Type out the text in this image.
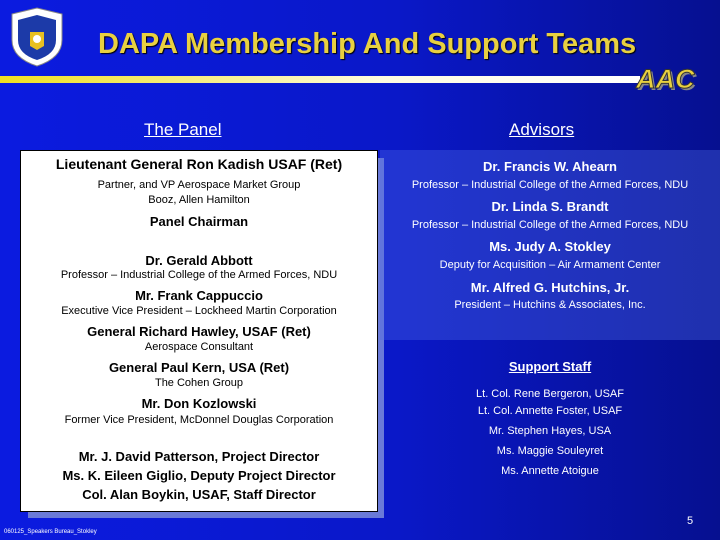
DAPA Membership And Support Teams
AAC
The Panel	Advisors
Lieutenant General Ron Kadish USAF (Ret)
Partner, and VP Aerospace Market Group
Booz, Allen Hamilton
Panel Chairman
Dr. Gerald Abbott
Professor – Industrial College of the Armed Forces, NDU
Mr. Frank Cappuccio
Executive Vice President – Lockheed Martin Corporation
General Richard Hawley, USAF (Ret)
Aerospace Consultant
General Paul Kern, USA (Ret)
The Cohen Group
Mr. Don Kozlowski
Former Vice President, McDonnel Douglas Corporation
Mr. J. David Patterson, Project Director
Ms. K. Eileen Giglio, Deputy Project Director
Col. Alan Boykin, USAF, Staff Director
Dr. Francis W. Ahearn
Professor – Industrial College of the Armed Forces, NDU
Dr. Linda S. Brandt
Professor – Industrial College of the Armed Forces, NDU
Ms. Judy A. Stokley
Deputy for Acquisition – Air Armament Center
Mr. Alfred G. Hutchins, Jr.
President – Hutchins & Associates, Inc.
Support Staff
Lt. Col. Rene Bergeron, USAF
Lt. Col. Annette Foster, USAF
Mr. Stephen Hayes, USA
Ms. Maggie Souleyret
Ms. Annette Atoigue
5
060125_Speakers Bureau_Stokley
